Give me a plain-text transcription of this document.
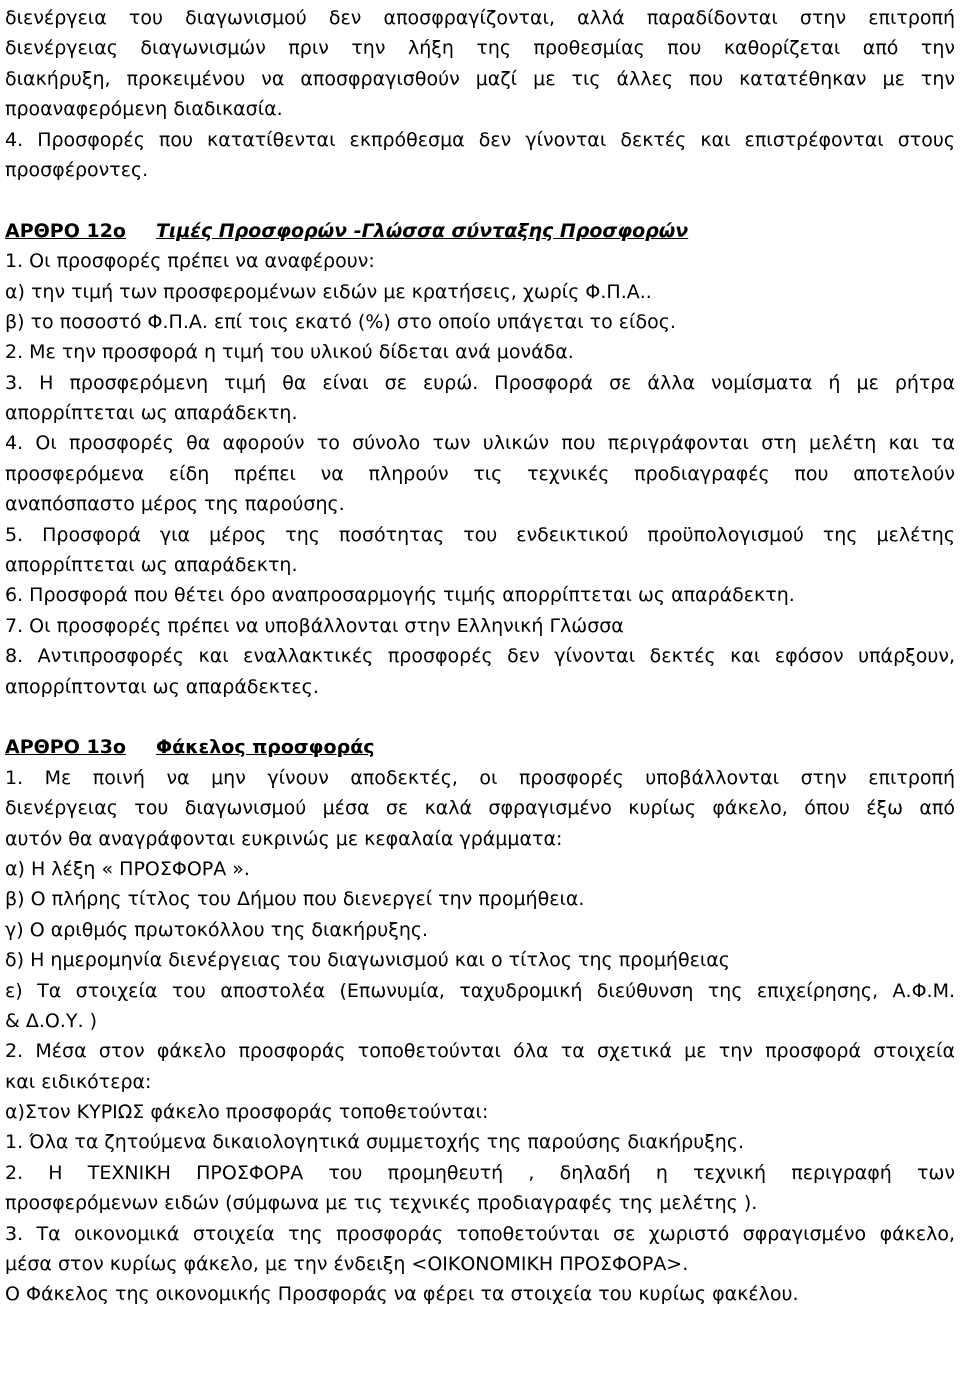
διενέργεια του διαγωνισμού δεν αποσφραγίζονται, αλλά παραδίδονται στην επιτροπή
διενέργειας διαγωνισμών πριν την λήξη της προθεσμίας που καθορίζεται από την
διακήρυξη, προκειμένου να αποσφραγισθούν μαζί με τις άλλες που κατατέθηκαν με την
προαναφερόμενη διαδικασία.
4. Προσφορές που κατατίθενται εκπρόθεσμα δεν γίνονται δεκτές και επιστρέφονται στους
προσφέροντες.
ΑΡΘΡΟ 12ο Τιμές Προσφορών -Γλώσσα σύνταξης Προσφορών
1. Οι προσφορές πρέπει να αναφέρουν:
α) την τιμή των προσφερομένων ειδών με κρατήσεις, χωρίς Φ.Π.Α..
β) το ποσοστό Φ.Π.Α. επί τοις εκατό (%) στο οποίο υπάγεται το είδος.
2. Με την προσφορά η τιμή του υλικού δίδεται ανά μονάδα.
3. Η προσφερόμενη τιμή θα είναι σε ευρώ. Προσφορά σε άλλα νομίσματα ή με ρήτρα
απορρίπτεται ως απαράδεκτη.
4. Οι προσφορές θα αφορούν το σύνολο των υλικών που περιγράφονται στη μελέτη και τα
προσφερόμενα είδη πρέπει να πληρούν τις τεχνικές προδιαγραφές που αποτελούν
αναπόσπαστο μέρος της παρούσης.
5. Προσφορά για μέρος της ποσότητας του ενδεικτικού προϋπολογισμού της μελέτης
απορρίπτεται ως απαράδεκτη.
6. Προσφορά που θέτει όρο αναπροσαρμογής τιμής απορρίπτεται ως απαράδεκτη.
7. Οι προσφορές πρέπει να υποβάλλονται στην Ελληνική Γλώσσα
8. Αντιπροσφορές και εναλλακτικές προσφορές δεν γίνονται δεκτές και εφόσον υπάρξουν,
απορρίπτονται ως απαράδεκτες.
ΑΡΘΡΟ 13ο Φάκελος προσφοράς
1. Με ποινή να μην γίνουν αποδεκτές, οι προσφορές υποβάλλονται στην επιτροπή
διενέργειας του διαγωνισμού μέσα σε καλά σφραγισμένο κυρίως φάκελο, όπου έξω από
αυτόν θα αναγράφονται ευκρινώς με κεφαλαία γράμματα:
α) Η λέξη « ΠΡΟΣΦΟΡΑ ».
β) Ο πλήρης τίτλος του Δήμου που διενεργεί την προμήθεια.
γ) Ο αριθμός πρωτοκόλλου της διακήρυξης.
δ) Η ημερομηνία διενέργειας του διαγωνισμού και ο τίτλος της προμήθειας
ε) Τα στοιχεία του αποστολέα (Επωνυμία, ταχυδρομική διεύθυνση της επιχείρησης, Α.Φ.Μ.
& Δ.Ο.Υ. )
2. Μέσα στον φάκελο προσφοράς τοποθετούνται όλα τα σχετικά με την προσφορά στοιχεία
και ειδικότερα:
α)Στον ΚΥΡΙΩΣ φάκελο προσφοράς τοποθετούνται:
1. Όλα τα ζητούμενα δικαιολογητικά συμμετοχής της παρούσης διακήρυξης.
2. Η ΤΕΧΝΙΚΗ ΠΡΟΣΦΟΡΑ του προμηθευτή , δηλαδή η τεχνική περιγραφή των
προσφερόμενων ειδών (σύμφωνα με τις τεχνικές προδιαγραφές της μελέτης ).
3. Τα οικονομικά στοιχεία της προσφοράς τοποθετούνται σε χωριστό σφραγισμένο φάκελο,
μέσα στον κυρίως φάκελο, με την ένδειξη <ΟΙΚΟΝΟΜΙΚΗ ΠΡΟΣΦΟΡΑ>.
Ο Φάκελος της οικονομικής Προσφοράς να φέρει τα στοιχεία του κυρίως φακέλου.
